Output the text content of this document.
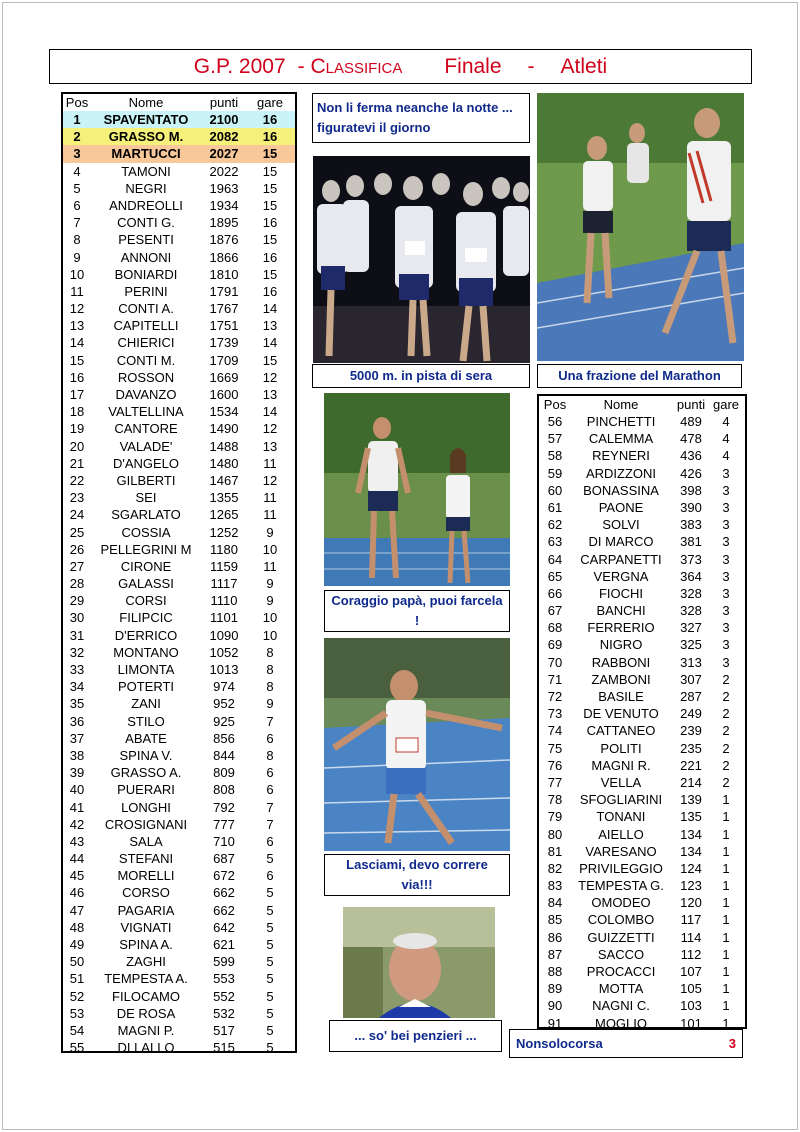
G.P. 2007 - Classifica Finale - Atleti
Pos	Nome	punti	gare
1	SPAVENTATO	2100	16
2	GRASSO M.	2082	16
3	MARTUCCI	2027	15
4	TAMONI	2022	15
5	NEGRI	1963	15
6	ANDREOLLI	1934	15
7	CONTI G.	1895	16
8	PESENTI	1876	15
9	ANNONI	1866	16
10	BONIARDI	1810	15
11	PERINI	1791	16
12	CONTI A.	1767	14
13	CAPITELLI	1751	13
14	CHIERICI	1739	14
15	CONTI M.	1709	15
16	ROSSON	1669	12
17	DAVANZO	1600	13
18	VALTELLINA	1534	14
19	CANTORE	1490	12
20	VALADE'	1488	13
21	D'ANGELO	1480	11
22	GILBERTI	1467	12
23	SEI	1355	11
24	SGARLATO	1265	11
25	COSSIA	1252	9
26	PELLEGRINI M	1180	10
27	CIRONE	1159	11
28	GALASSI	1117	9
29	CORSI	1110	9
30	FILIPCIC	1101	10
31	D'ERRICO	1090	10
32	MONTANO	1052	8
33	LIMONTA	1013	8
34	POTERTI	974	8
35	ZANI	952	9
36	STILO	925	7
37	ABATE	856	6
38	SPINA V.	844	8
39	GRASSO A.	809	6
40	PUERARI	808	6
41	LONGHI	792	7
42	CROSIGNANI	777	7
43	SALA	710	6
44	STEFANI	687	5
45	MORELLI	672	6
46	CORSO	662	5
47	PAGARIA	662	5
48	VIGNATI	642	5
49	SPINA A.	621	5
50	ZAGHI	599	5
51	TEMPESTA A.	553	5
52	FILOCAMO	552	5
53	DE ROSA	532	5
54	MAGNI P.	517	5
55	DI LALLO	515	5
Pos	Nome	punti gare
56	PINCHETTI	489	4
57	CALEMMA	478	4
58	REYNERI	436	4
59	ARDIZZONI	426	3
60	BONASSINA	398	3
61	PAONE	390	3
62	SOLVI	383	3
63	DI MARCO	381	3
64	CARPANETTI	373	3
65	VERGNA	364	3
66	FIOCHI	328	3
67	BANCHI	328	3
68	FERRERIO	327	3
69	NIGRO	325	3
70	RABBONI	313	3
71	ZAMBONI	307	2
72	BASILE	287	2
73	DE VENUTO	249	2
74	CATTANEO	239	2
75	POLITI	235	2
76	MAGNI R.	221	2
77	VELLA	214	2
78	SFOGLIARINI	139	1
79	TONANI	135	1
80	AIELLO	134	1
81	VARESANO	134	1
82	PRIVILEGGIO	124	1
83	TEMPESTA G.	123	1
84	OMODEO	120	1
85	COLOMBO	117	1
86	GUIZZETTI	114	1
87	SACCO	112	1
88	PROCACCI	107	1
89	MOTTA	105	1
90	NAGNI C.	103	1
91	MOGLIO	101	1
Non li ferma neanche la notte ... figuratevi il giorno
5000 m. in pista di sera	Una frazione del Marathon
Coraggio papà, puoi farcela !
Lasciami, devo correre via!!!
... so' bei penzieri ...
Nonsolocorsa	3
